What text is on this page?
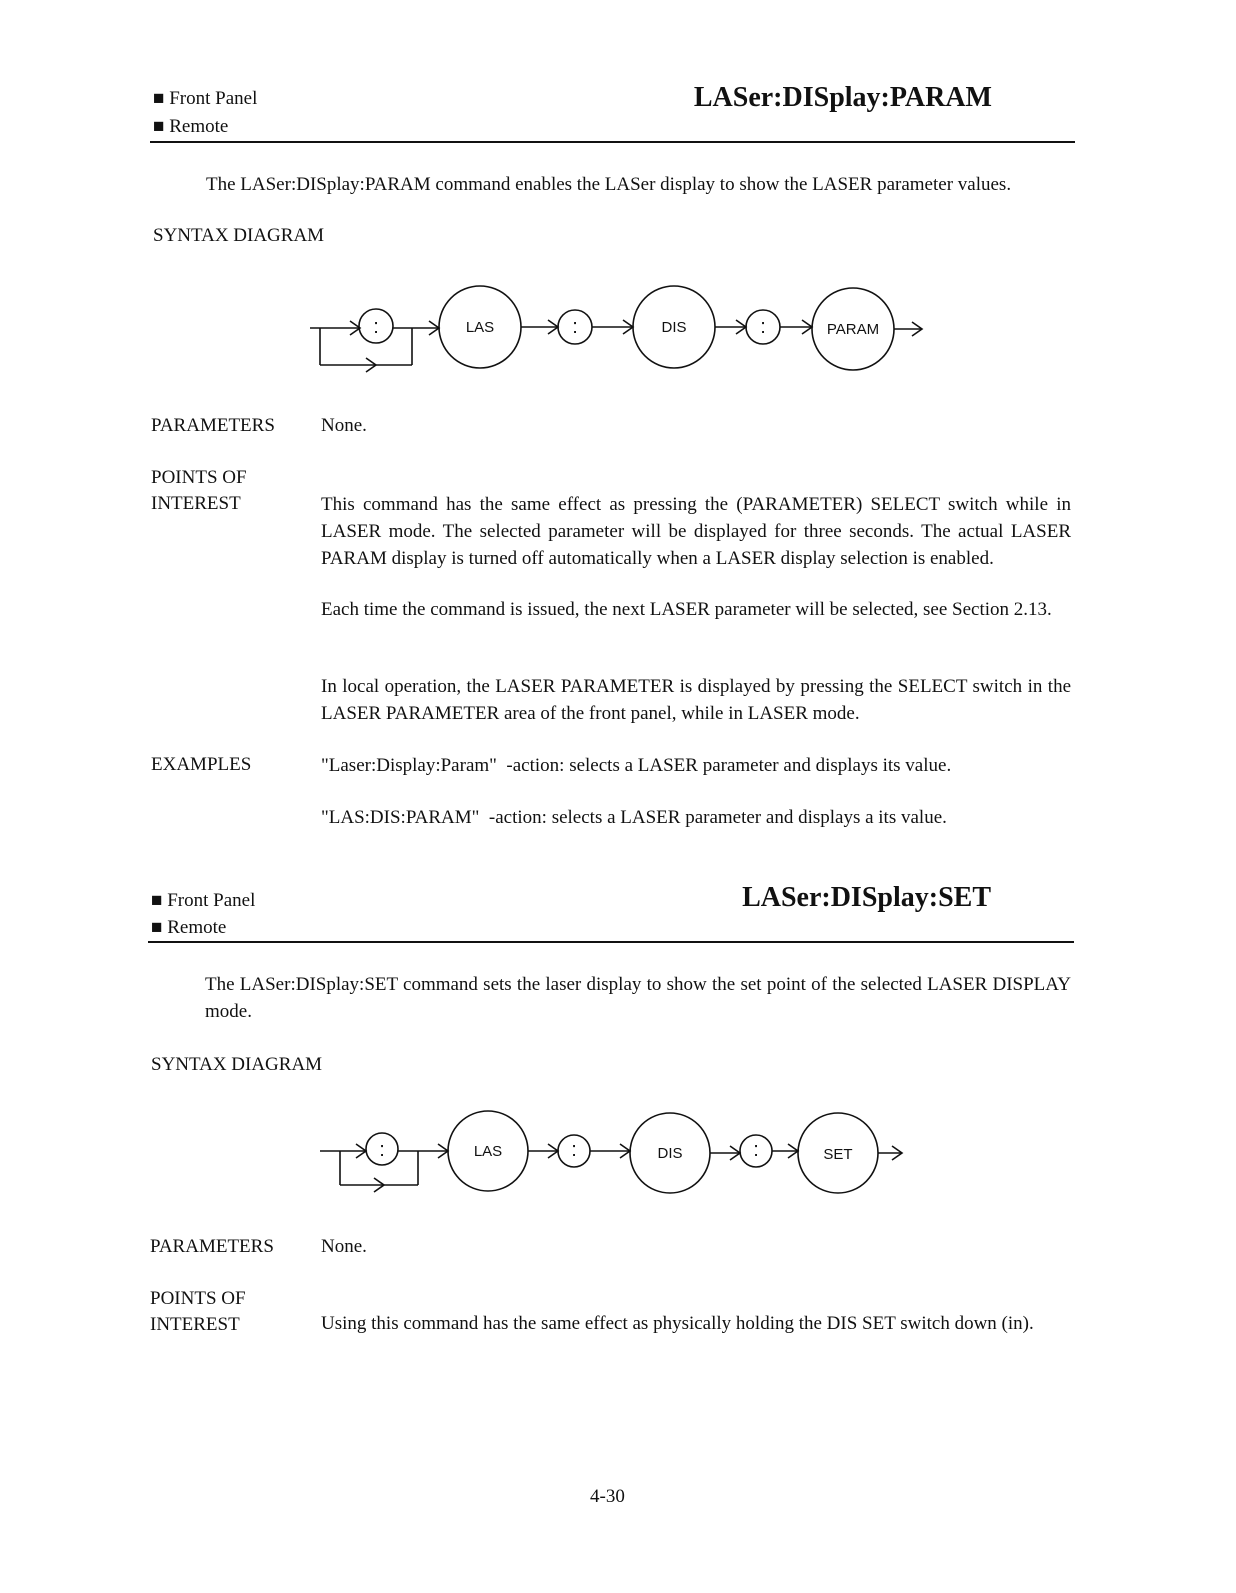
■ Front Panel
■ Remote
LASer:DISplay:PARAM
The LASer:DISplay:PARAM command enables the LASer display to show the LASER parameter values.
SYNTAX DIAGRAM
:	LAS	:	DIS	:	PARAM
PARAMETERS None.
POINTS OF
INTEREST	This command has the same effect as pressing the (PARAMETER) SELECT switch while in LASER mode. The selected parameter will be displayed for three seconds. The actual LASER PARAM display is turned off automatically when a LASER display selection is enabled.
Each time the command is issued, the next LASER parameter will be selected, see Section 2.13.
In local operation, the LASER PARAMETER is displayed by pressing the SELECT switch in the LASER PARAMETER area of the front panel, while in LASER mode.
EXAMPLES	"Laser:Display:Param"  -action: selects a LASER parameter and displays its value.
"LAS:DIS:PARAM"  -action: selects a LASER parameter and displays a its value.
■ Front Panel
■ Remote
LASer:DISplay:SET
The LASer:DISplay:SET command sets the laser display to show the set point of the selected LASER DISPLAY mode.
SYNTAX DIAGRAM
:	LAS	:	DIS	:	SET
PARAMETERS None.
POINTS OF
INTEREST	Using this command has the same effect as physically holding the DIS SET switch down (in).
4-30
